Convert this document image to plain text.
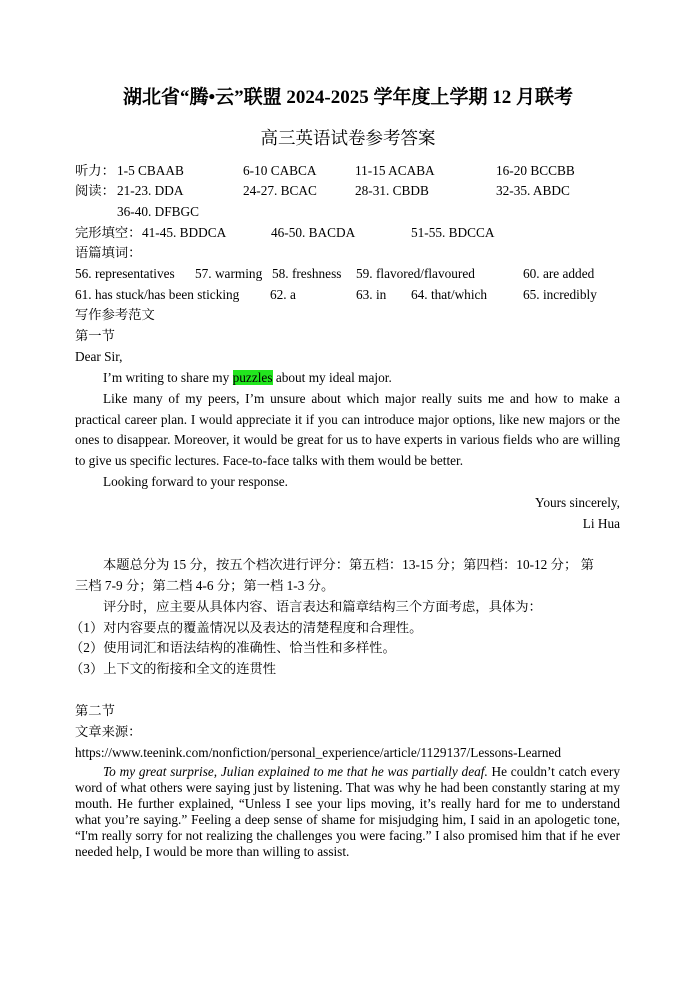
湖北省“腾•云”联盟 2024-2025 学年度上学期 12 月联考
高三英语试卷参考答案
听力： 1-5 CBAAB	6-10 CABCA	11-15 ACABA	16-20 BCCBB
阅读： 21-23. DDA	24-27. BCAC	28-31. CBDB	32-35. ABDC
36-40. DFBGC
完形填空： 41-45. BDDCA	46-50. BACDA	51-55. BDCCA
语篇填词：
56. representatives 57. warming 58. freshness 59. flavored/flavoured	60. are added
61. has stuck/has been sticking 62. a	63. in 64. that/which	65. incredibly
写作参考范文
第一节
Dear Sir,
I’m writing to share my puzzles about my ideal major.
Like many of my peers, I’m unsure about which major really suits me and how to make a practical career plan. I would appreciate it if you can introduce major options, like new majors or the ones to disappear. Moreover, it would be great for us to have experts in various fields who are willing to give us specific lectures. Face-to-face talks with them would be better.
Looking forward to your response.
Yours sincerely,
Li Hua
本题总分为 15 分，按五个档次进行评分：第五档：13-15 分；第四档：10-12 分； 第
三档 7-9 分；第二档 4-6 分；第一档 1-3 分。
评分时，应主要从具体内容、语言表达和篇章结构三个方面考虑，具体为：
（1）对内容要点的覆盖情况以及表达的清楚程度和合理性。
（2）使用词汇和语法结构的准确性、恰当性和多样性。
（3）上下文的衔接和全文的连贯性
第二节
文章来源：
https://www.teenink.com/nonfiction/personal_experience/article/1129137/Lessons-Learned
To my great surprise, Julian explained to me that he was partially deaf. He couldn’t catch every word of what others were saying just by listening. That was why he had been constantly staring at my mouth. He further explained, “Unless I see your lips moving, it’s really hard for me to understand what you’re saying.” Feeling a deep sense of shame for misjudging him, I said in an apologetic tone, “I'm really sorry for not realizing the challenges you were facing.” I also promised him that if he ever needed help, I would be more than willing to assist.
